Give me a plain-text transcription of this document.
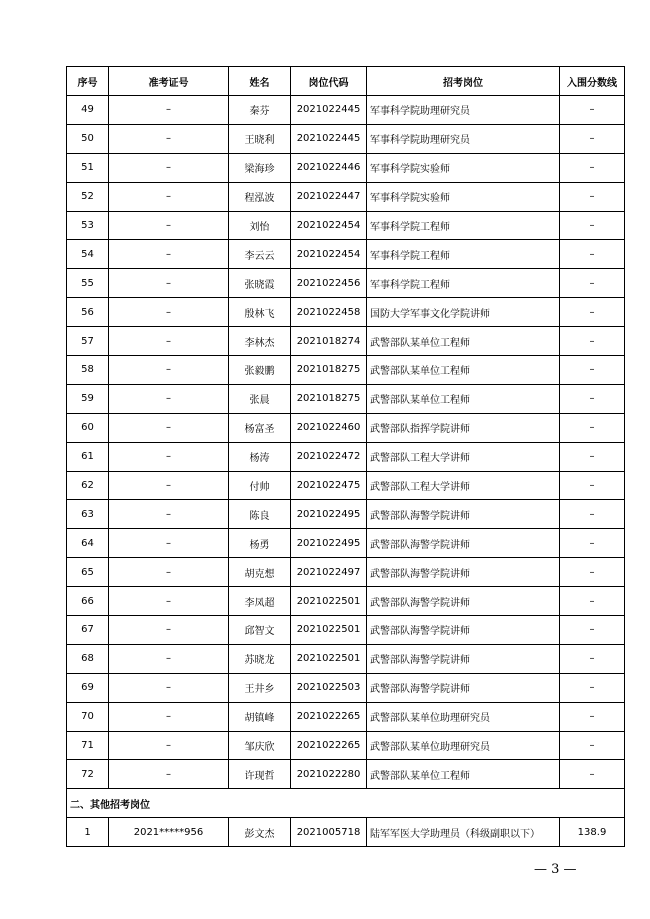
序号	准考证号	姓名	岗位代码	招考岗位	入围分数线
49	–	秦芬	2021022445	军事科学院助理研究员	–
50	–	王晓利	2021022445	军事科学院助理研究员	–
51	–	梁海珍	2021022446	军事科学院实验师	–
52	–	程泓波	2021022447	军事科学院实验师	–
53	–	刘怡	2021022454	军事科学院工程师	–
54	–	李云云	2021022454	军事科学院工程师	–
55	–	张晓霞	2021022456	军事科学院工程师	–
56	–	殷林飞	2021022458	国防大学军事文化学院讲师	–
57	–	李林杰	2021018274	武警部队某单位工程师	–
58	–	张毅鹏	2021018275	武警部队某单位工程师	–
59	–	张晨	2021018275	武警部队某单位工程师	–
60	–	杨富圣	2021022460	武警部队指挥学院讲师	–
61	–	杨涛	2021022472	武警部队工程大学讲师	–
62	–	付帅	2021022475	武警部队工程大学讲师	–
63	–	陈良	2021022495	武警部队海警学院讲师	–
64	–	杨勇	2021022495	武警部队海警学院讲师	–
65	–	胡克想	2021022497	武警部队海警学院讲师	–
66	–	李凤超	2021022501	武警部队海警学院讲师	–
67	–	邱智文	2021022501	武警部队海警学院讲师	–
68	–	苏晓龙	2021022501	武警部队海警学院讲师	–
69	–	王井乡	2021022503	武警部队海警学院讲师	–
70	–	胡镇峰	2021022265	武警部队某单位助理研究员	–
71	–	邹庆欣	2021022265	武警部队某单位助理研究员	–
72	–	许现哲	2021022280	武警部队某单位工程师	–
二、其他招考岗位					
1	2021*****956	彭文杰	2021005718	陆军军医大学助理员（科级副职以下）	138.9
— 3 —
